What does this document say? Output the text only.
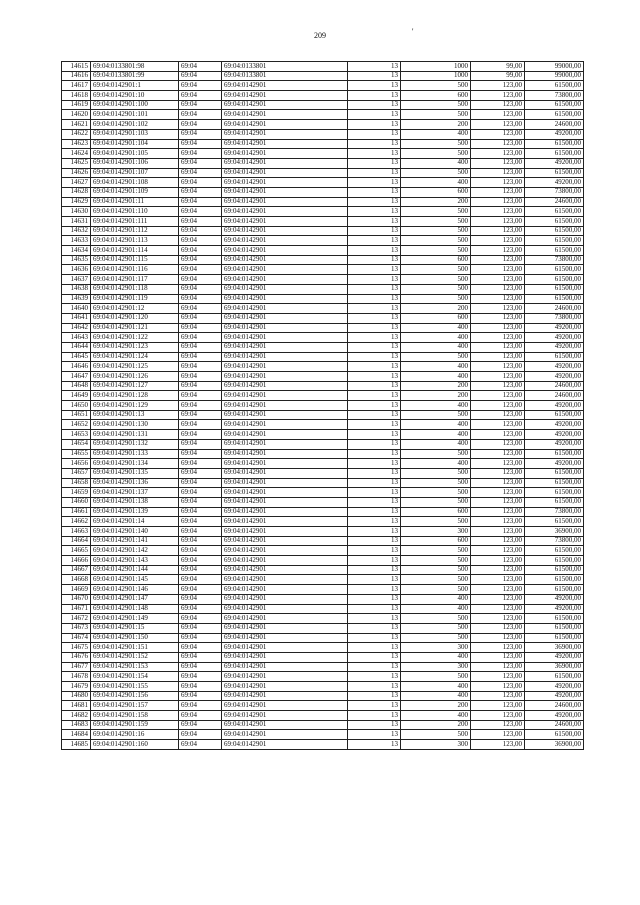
209	'
14615	69:04:0133801:98	69:04	69:04:0133801	13	1000	99,00	99000,00
14616	69:04:0133801:99	69:04	69:04:0133801	13	1000	99,00	99000,00
14617	69:04:0142901:1	69:04	69:04:0142901	13	500	123,00	61500,00
14618	69:04:0142901:10	69:04	69:04:0142901	13	600	123,00	73800,00
14619	69:04:0142901:100	69:04	69:04:0142901	13	500	123,00	61500,00
14620	69:04:0142901:101	69:04	69:04:0142901	13	500	123,00	61500,00
14621	69:04:0142901:102	69:04	69:04:0142901	13	200	123,00	24600,00
14622	69:04:0142901:103	69:04	69:04:0142901	13	400	123,00	49200,00
14623	69:04:0142901:104	69:04	69:04:0142901	13	500	123,00	61500,00
14624	69:04:0142901:105	69:04	69:04:0142901	13	500	123,00	61500,00
14625	69:04:0142901:106	69:04	69:04:0142901	13	400	123,00	49200,00
14626	69:04:0142901:107	69:04	69:04:0142901	13	500	123,00	61500,00
14627	69:04:0142901:108	69:04	69:04:0142901	13	400	123,00	49200,00
14628	69:04:0142901:109	69:04	69:04:0142901	13	600	123,00	73800,00
14629	69:04:0142901:11	69:04	69:04:0142901	13	200	123,00	24600,00
14630	69:04:0142901:110	69:04	69:04:0142901	13	500	123,00	61500,00
14631	69:04:0142901:111	69:04	69:04:0142901	13	500	123,00	61500,00
14632	69:04:0142901:112	69:04	69:04:0142901	13	500	123,00	61500,00
14633	69:04:0142901:113	69:04	69:04:0142901	13	500	123,00	61500,00
14634	69:04:0142901:114	69:04	69:04:0142901	13	500	123,00	61500,00
14635	69:04:0142901:115	69:04	69:04:0142901	13	600	123,00	73800,00
14636	69:04:0142901:116	69:04	69:04:0142901	13	500	123,00	61500,00
14637	69:04:0142901:117	69:04	69:04:0142901	13	500	123,00	61500,00
14638	69:04:0142901:118	69:04	69:04:0142901	13	500	123,00	61500,00
14639	69:04:0142901:119	69:04	69:04:0142901	13	500	123,00	61500,00
14640	69:04:0142901:12	69:04	69:04:0142901	13	200	123,00	24600,00
14641	69:04:0142901:120	69:04	69:04:0142901	13	600	123,00	73800,00
14642	69:04:0142901:121	69:04	69:04:0142901	13	400	123,00	49200,00
14643	69:04:0142901:122	69:04	69:04:0142901	13	400	123,00	49200,00
14644	69:04:0142901:123	69:04	69:04:0142901	13	400	123,00	49200,00
14645	69:04:0142901:124	69:04	69:04:0142901	13	500	123,00	61500,00
14646	69:04:0142901:125	69:04	69:04:0142901	13	400	123,00	49200,00
14647	69:04:0142901:126	69:04	69:04:0142901	13	400	123,00	49200,00
14648	69:04:0142901:127	69:04	69:04:0142901	13	200	123,00	24600,00
14649	69:04:0142901:128	69:04	69:04:0142901	13	200	123,00	24600,00
14650	69:04:0142901:129	69:04	69:04:0142901	13	400	123,00	49200,00
14651	69:04:0142901:13	69:04	69:04:0142901	13	500	123,00	61500,00
14652	69:04:0142901:130	69:04	69:04:0142901	13	400	123,00	49200,00
14653	69:04:0142901:131	69:04	69:04:0142901	13	400	123,00	49200,00
14654	69:04:0142901:132	69:04	69:04:0142901	13	400	123,00	49200,00
14655	69:04:0142901:133	69:04	69:04:0142901	13	500	123,00	61500,00
14656	69:04:0142901:134	69:04	69:04:0142901	13	400	123,00	49200,00
14657	69:04:0142901:135	69:04	69:04:0142901	13	500	123,00	61500,00
14658	69:04:0142901:136	69:04	69:04:0142901	13	500	123,00	61500,00
14659	69:04:0142901:137	69:04	69:04:0142901	13	500	123,00	61500,00
14660	69:04:0142901:138	69:04	69:04:0142901	13	500	123,00	61500,00
14661	69:04:0142901:139	69:04	69:04:0142901	13	600	123,00	73800,00
14662	69:04:0142901:14	69:04	69:04:0142901	13	500	123,00	61500,00
14663	69:04:0142901:140	69:04	69:04:0142901	13	300	123,00	36900,00
14664	69:04:0142901:141	69:04	69:04:0142901	13	600	123,00	73800,00
14665	69:04:0142901:142	69:04	69:04:0142901	13	500	123,00	61500,00
14666	69:04:0142901:143	69:04	69:04:0142901	13	500	123,00	61500,00
14667	69:04:0142901:144	69:04	69:04:0142901	13	500	123,00	61500,00
14668	69:04:0142901:145	69:04	69:04:0142901	13	500	123,00	61500,00
14669	69:04:0142901:146	69:04	69:04:0142901	13	500	123,00	61500,00
14670	69:04:0142901:147	69:04	69:04:0142901	13	400	123,00	49200,00
14671	69:04:0142901:148	69:04	69:04:0142901	13	400	123,00	49200,00
14672	69:04:0142901:149	69:04	69:04:0142901	13	500	123,00	61500,00
14673	69:04:0142901:15	69:04	69:04:0142901	13	500	123,00	61500,00
14674	69:04:0142901:150	69:04	69:04:0142901	13	500	123,00	61500,00
14675	69:04:0142901:151	69:04	69:04:0142901	13	300	123,00	36900,00
14676	69:04:0142901:152	69:04	69:04:0142901	13	400	123,00	49200,00
14677	69:04:0142901:153	69:04	69:04:0142901	13	300	123,00	36900,00
14678	69:04:0142901:154	69:04	69:04:0142901	13	500	123,00	61500,00
14679	69:04:0142901:155	69:04	69:04:0142901	13	400	123,00	49200,00
14680	69:04:0142901:156	69:04	69:04:0142901	13	400	123,00	49200,00
14681	69:04:0142901:157	69:04	69:04:0142901	13	200	123,00	24600,00
14682	69:04:0142901:158	69:04	69:04:0142901	13	400	123,00	49200,00
14683	69:04:0142901:159	69:04	69:04:0142901	13	200	123,00	24600,00
14684	69:04:0142901:16	69:04	69:04:0142901	13	500	123,00	61500,00
14685	69:04:0142901:160	69:04	69:04:0142901	13	300	123,00	36900,00
